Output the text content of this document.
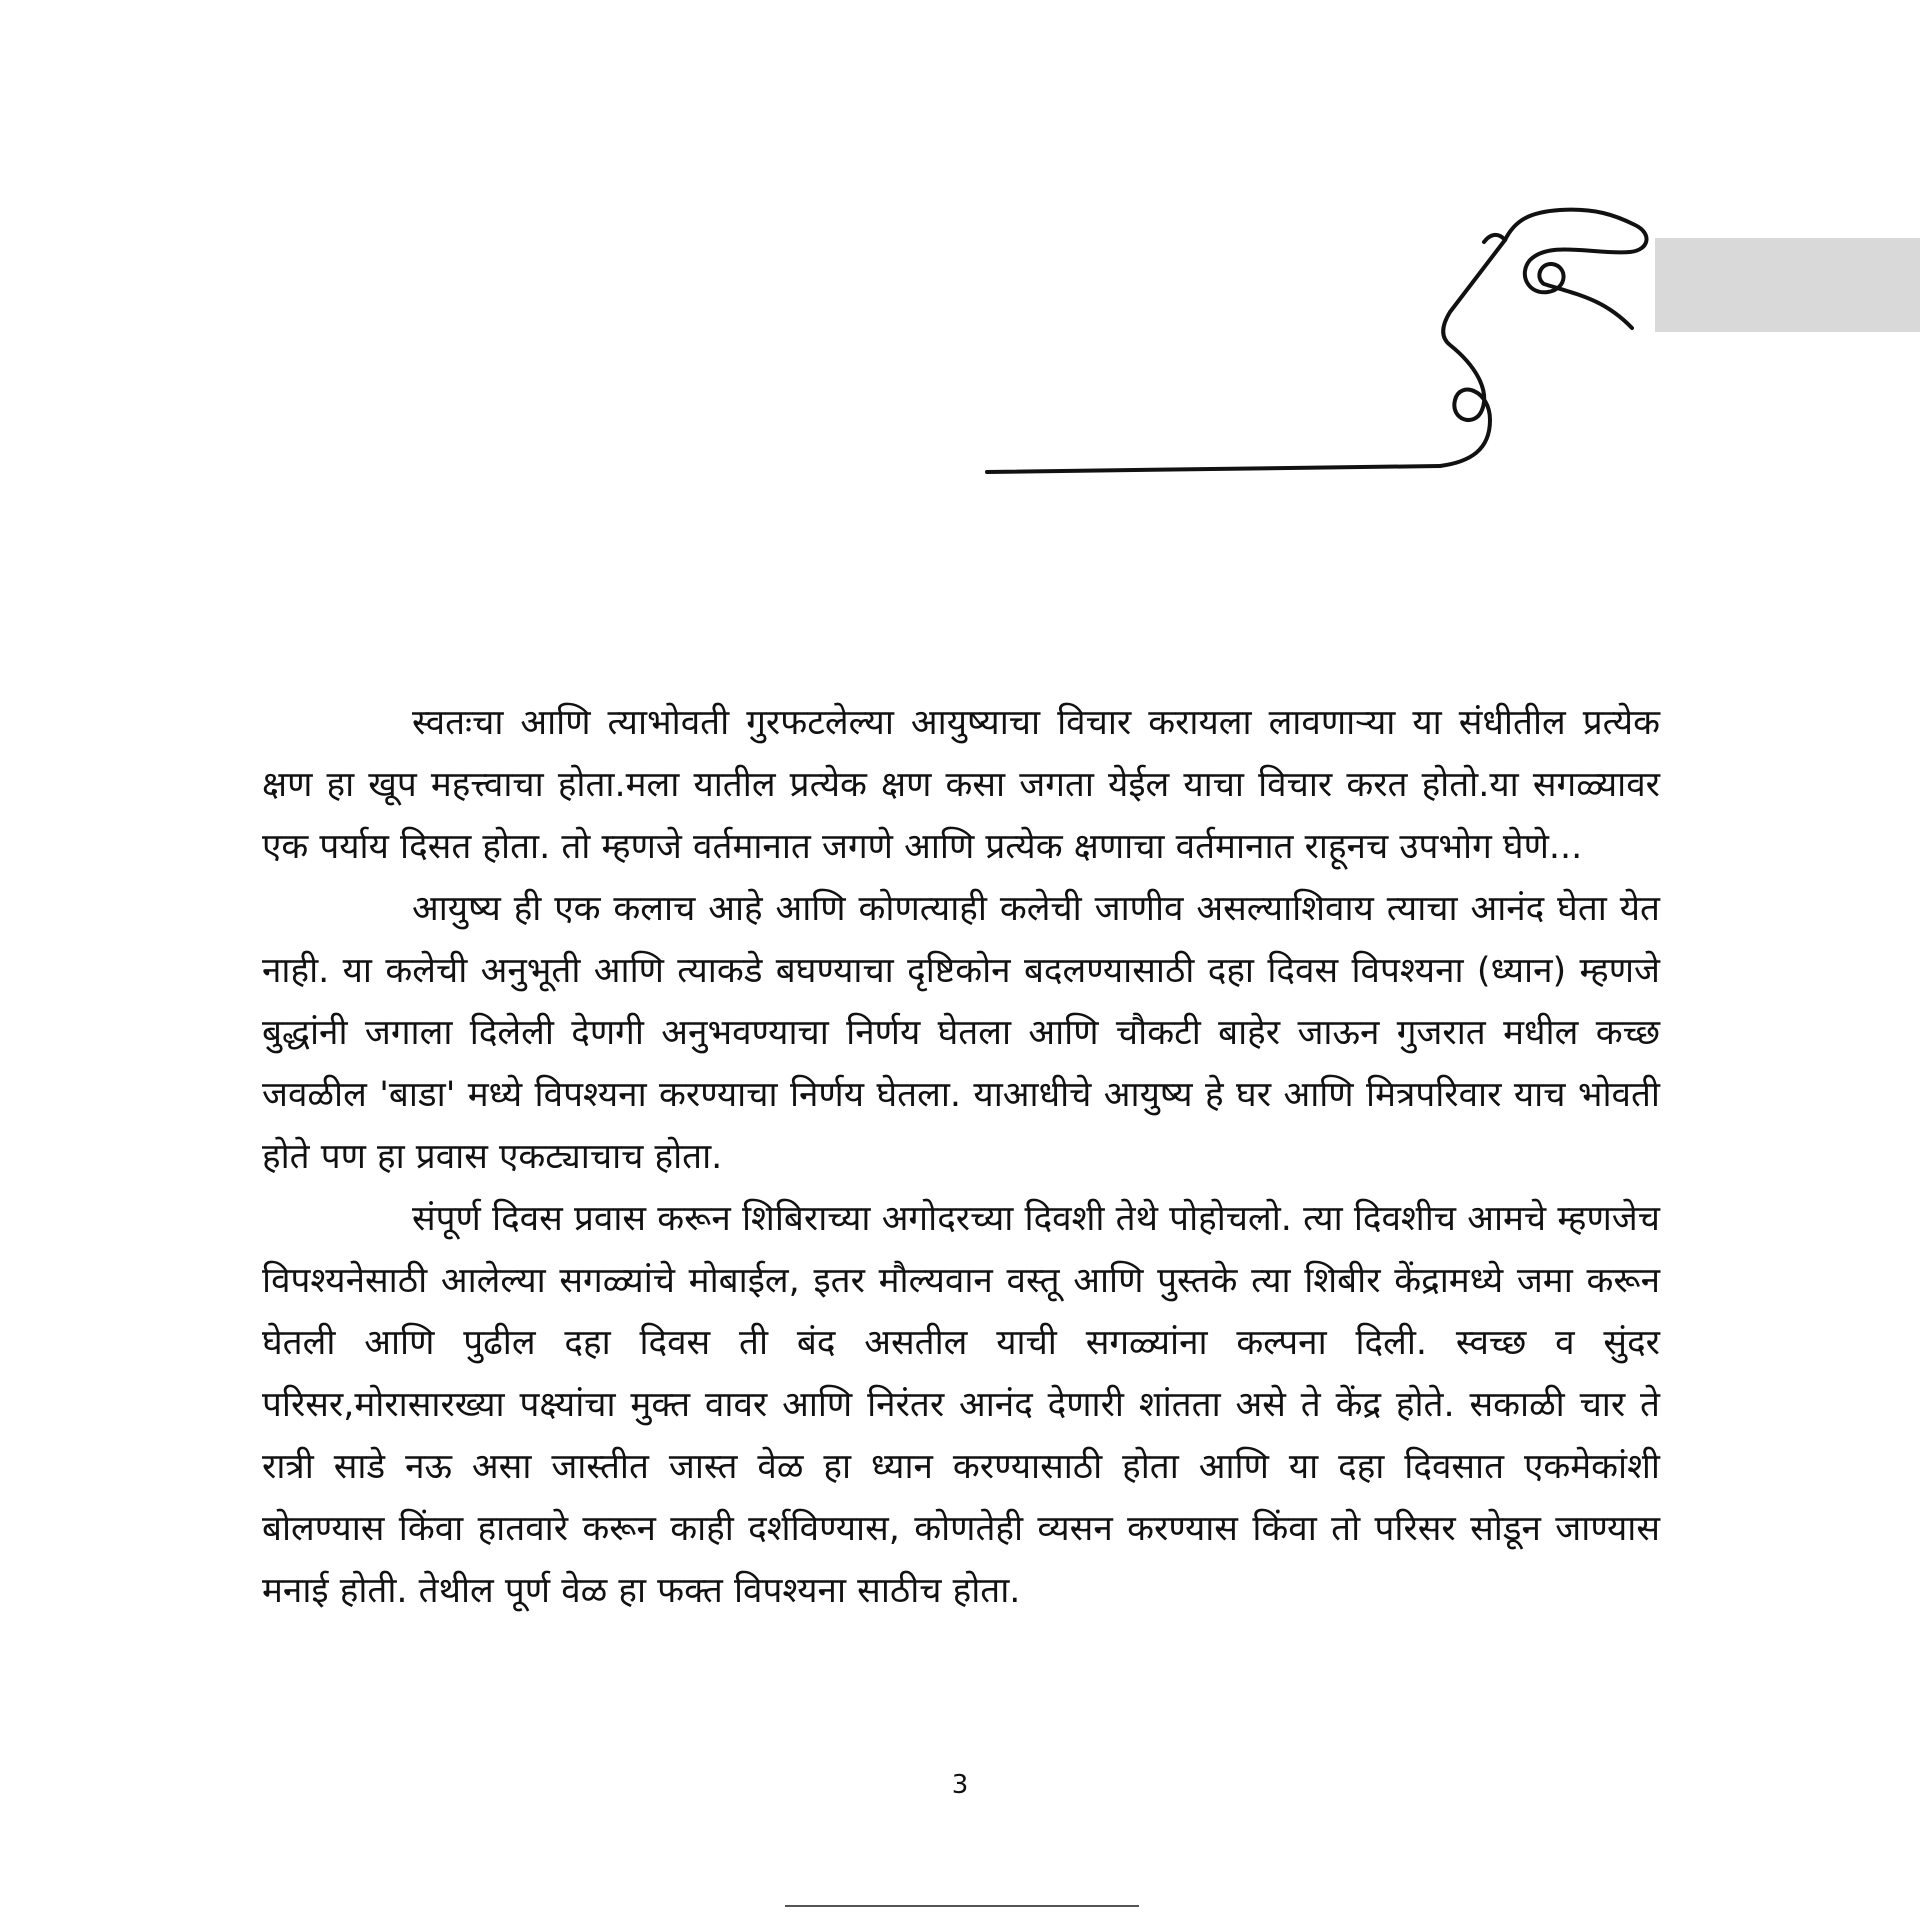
स्वतःचा आणि त्याभोवती गुरफटलेल्या आयुष्याचा विचार करायला लावणाऱ्या या संधीतील प्रत्येक क्षण हा खूप महत्त्वाचा होता.मला यातील प्रत्येक क्षण कसा जगता येईल याचा विचार करत होतो.या सगळ्यावर एक पर्याय दिसत होता. तो म्हणजे वर्तमानात जगणे आणि प्रत्येक क्षणाचा वर्तमानात राहूनच उपभोग घेणे...

आयुष्य ही एक कलाच आहे आणि कोणत्याही कलेची जाणीव असल्याशिवाय त्याचा आनंद घेता येत नाही. या कलेची अनुभूती आणि त्याकडे बघण्याचा दृष्टिकोन बदलण्यासाठी दहा दिवस विपश्यना (ध्यान) म्हणजे बुद्धांनी जगाला दिलेली देणगी अनुभवण्याचा निर्णय घेतला आणि चौकटी बाहेर जाऊन गुजरात मधील कच्छ जवळील 'बाडा' मध्ये विपश्यना करण्याचा निर्णय घेतला. याआधीचे आयुष्य हे घर आणि मित्रपरिवार याच भोवती होते पण हा प्रवास एकट्याचाच होता.

संपूर्ण दिवस प्रवास करून शिबिराच्या अगोदरच्या दिवशी तेथे पोहोचलो. त्या दिवशीच आमचे म्हणजेच विपश्यनेसाठी आलेल्या सगळ्यांचे मोबाईल, इतर मौल्यवान वस्तू आणि पुस्तके त्या शिबीर केंद्रामध्ये जमा करून घेतली आणि पुढील दहा दिवस ती बंद असतील याची सगळ्यांना कल्पना दिली. स्वच्छ व सुंदर परिसर,मोरासारख्या पक्ष्यांचा मुक्त वावर आणि निरंतर आनंद देणारी शांतता असे ते केंद्र होते. सकाळी चार ते रात्री साडे नऊ असा जास्तीत जास्त वेळ हा ध्यान करण्यासाठी होता आणि या दहा दिवसात एकमेकांशी बोलण्यास किंवा हातवारे करून काही दर्शविण्यास, कोणतेही व्यसन करण्यास किंवा तो परिसर सोडून जाण्यास मनाई होती. तेथील पूर्ण वेळ हा फक्त विपश्यना साठीच होता.

3
